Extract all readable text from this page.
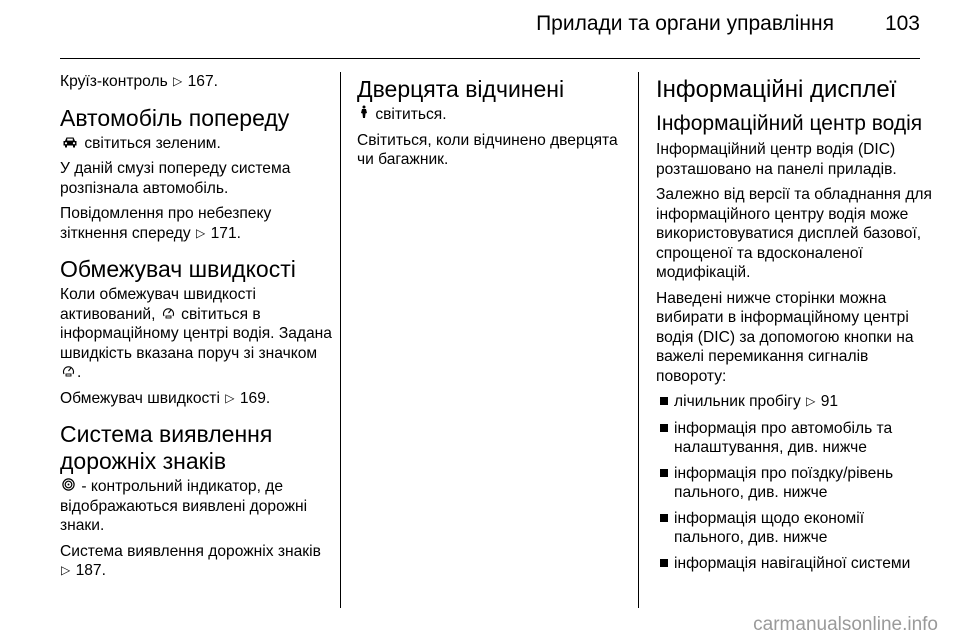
Прилади та органи управління 103

Круїз-контроль ▷ 167.

Автомобіль попереду

світиться зеленим.

У даній смузі попереду система розпізнала автомобіль.

Повідомлення про небезпеку зіткнення спереду ▷ 171.

Обмежувач швидкості

Коли обмежувач швидкості активований, світиться в інформаційному центрі водія. Задана швидкість вказана поруч зі значком .

Обмежувач швидкості ▷ 169.

Система виявлення дорожніх знаків

- контрольний індикатор, де відображаються виявлені дорожні знаки.

Система виявлення дорожніх знаків ▷ 187.

Дверцята відчинені

світиться.

Світиться, коли відчинено дверцята чи багажник.

Інформаційні дисплеї
Інформаційний центр водія

Інформаційний центр водія (DIC) розташовано на панелі приладів.

Залежно від версії та обладнання для інформаційного центру водія може використовуватися дисплей базової, спрощеної та вдосконаленої модифікацій.

Наведені нижче сторінки можна вибирати в інформаційному центрі водія (DIC) за допомогою кнопки на важелі перемикання сигналів повороту:

лічильник пробігу ▷ 91
інформація про автомобіль та налаштування, див. нижче
інформація про поїздку/рівень пального, див. нижче
інформація щодо економії пального, див. нижче
інформація навігаційної системи
carmanualsonline.info
